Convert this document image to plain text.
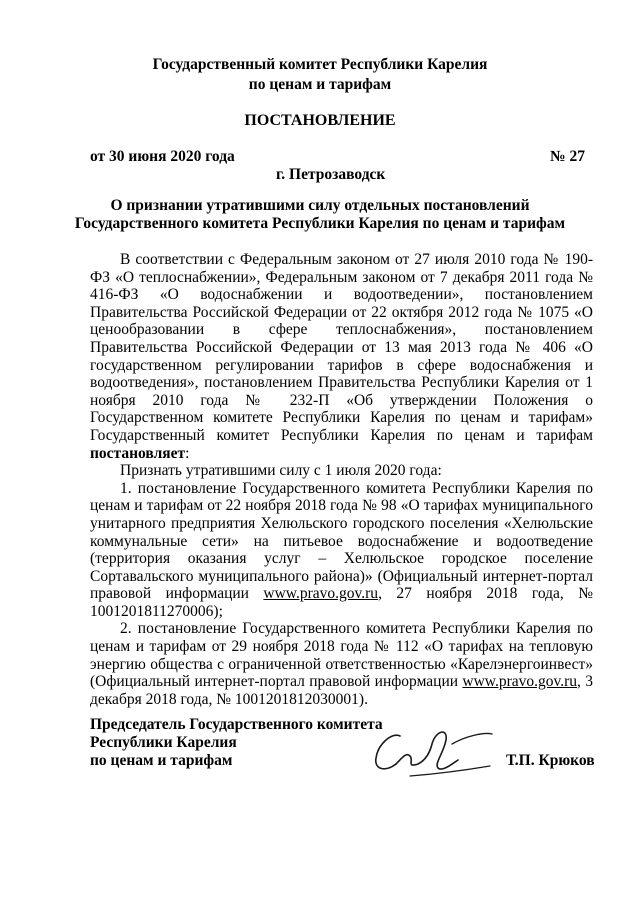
Государственный комитет Республики Карелия
по ценам и тарифам
ПОСТАНОВЛЕНИЕ
от 30 июня 2020 года	№ 27
г. Петрозаводск
О признании утратившими силу отдельных постановлений
Государственного комитета Республики Карелия по ценам и тарифам

В соответствии с Федеральным законом от 27 июля 2010 года № 190-ФЗ «О теплоснабжении», Федеральным законом от 7 декабря 2011 года № 416-ФЗ «О водоснабжении и водоотведении», постановлением Правительства Российской Федерации от 22 октября 2012 года № 1075 «О ценообразовании в сфере теплоснабжения», постановлением Правительства Российской Федерации от 13 мая 2013 года № 406 «О государственном регулировании тарифов в сфере водоснабжения и водоотведения», постановлением Правительства Республики Карелия от 1 ноября 2010 года № 232-П «Об утверждении Положения о Государственном комитете Республики Карелия по ценам и тарифам» Государственный комитет Республики Карелия по ценам и тарифам постановляет:

Признать утратившими силу с 1 июля 2020 года:

1. постановление Государственного комитета Республики Карелия по ценам и тарифам от 22 ноября 2018 года № 98 «О тарифах муниципального унитарного предприятия Хелюльского городского поселения «Хелюльские коммунальные сети» на питьевое водоснабжение и водоотведение (территория оказания услуг – Хелюльское городское поселение Сортавальского муниципального района)» (Официальный интернет-портал правовой информации www.pravo.gov.ru, 27 ноября 2018 года, № 1001201811270006);

2. постановление Государственного комитета Республики Карелия по ценам и тарифам от 29 ноября 2018 года № 112 «О тарифах на тепловую энергию общества с ограниченной ответственностью «Карелэнергоинвест» (Официальный интернет-портал правовой информации www.pravo.gov.ru, 3 декабря 2018 года, № 1001201812030001).

Председатель Государственного комитета
Республики Карелия
по ценам и тарифам	Т.П. Крюков
